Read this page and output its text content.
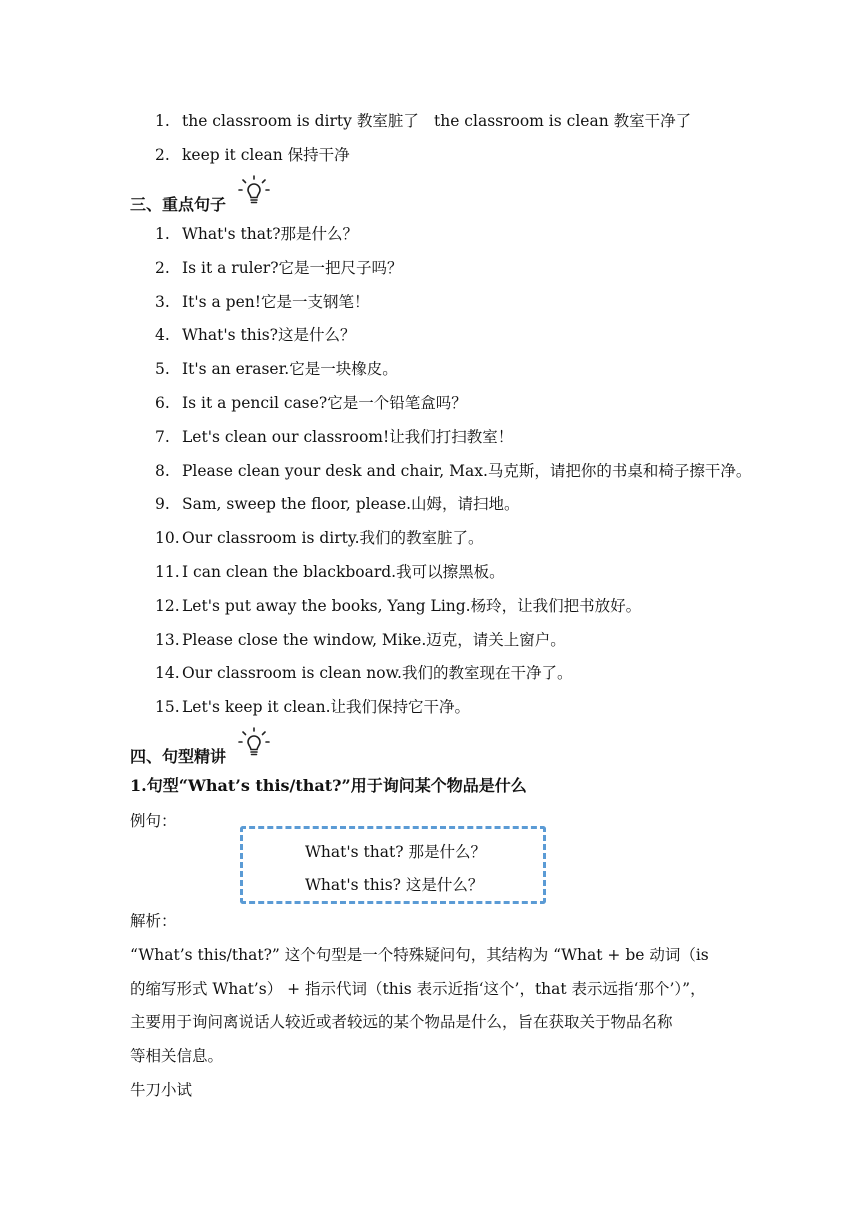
1. the classroom is dirty 教室脏了 the classroom is clean 教室干净了
2. keep it clean 保持干净
三、重点句子
1. What's that?那是什么？
2. Is it a ruler?它是一把尺子吗？
3. It's a pen!它是一支钢笔！
4. What's this?这是什么？
5. It's an eraser.它是一块橡皮。
6. Is it a pencil case?它是一个铅笔盒吗？
7. Let's clean our classroom!让我们打扫教室！
8. Please clean your desk and chair, Max.马克斯，请把你的书桌和椅子擦干净。
9. Sam, sweep the floor, please.山姆，请扫地。
10. Our classroom is dirty.我们的教室脏了。
11. I can clean the blackboard.我可以擦黑板。
12. Let's put away the books, Yang Ling.杨玲，让我们把书放好。
13. Please close the window, Mike.迈克，请关上窗户。
14. Our classroom is clean now.我们的教室现在干净了。
15. Let's keep it clean.让我们保持它干净。
四、句型精讲
1.句型“What’s this/that?”用于询问某个物品是什么
例句：
What's that? 那是什么？
What's this? 这是什么？
解析：
“What’s this/that?” 这个句型是一个特殊疑问句，其结构为 “What + be 动词（is
的缩写形式 What’s） + 指示代词（this 表示近指‘这个’，that 表示远指‘那个’）”，
主要用于询问离说话人较近或者较远的某个物品是什么，旨在获取关于物品名称
等相关信息。
牛刀小试
